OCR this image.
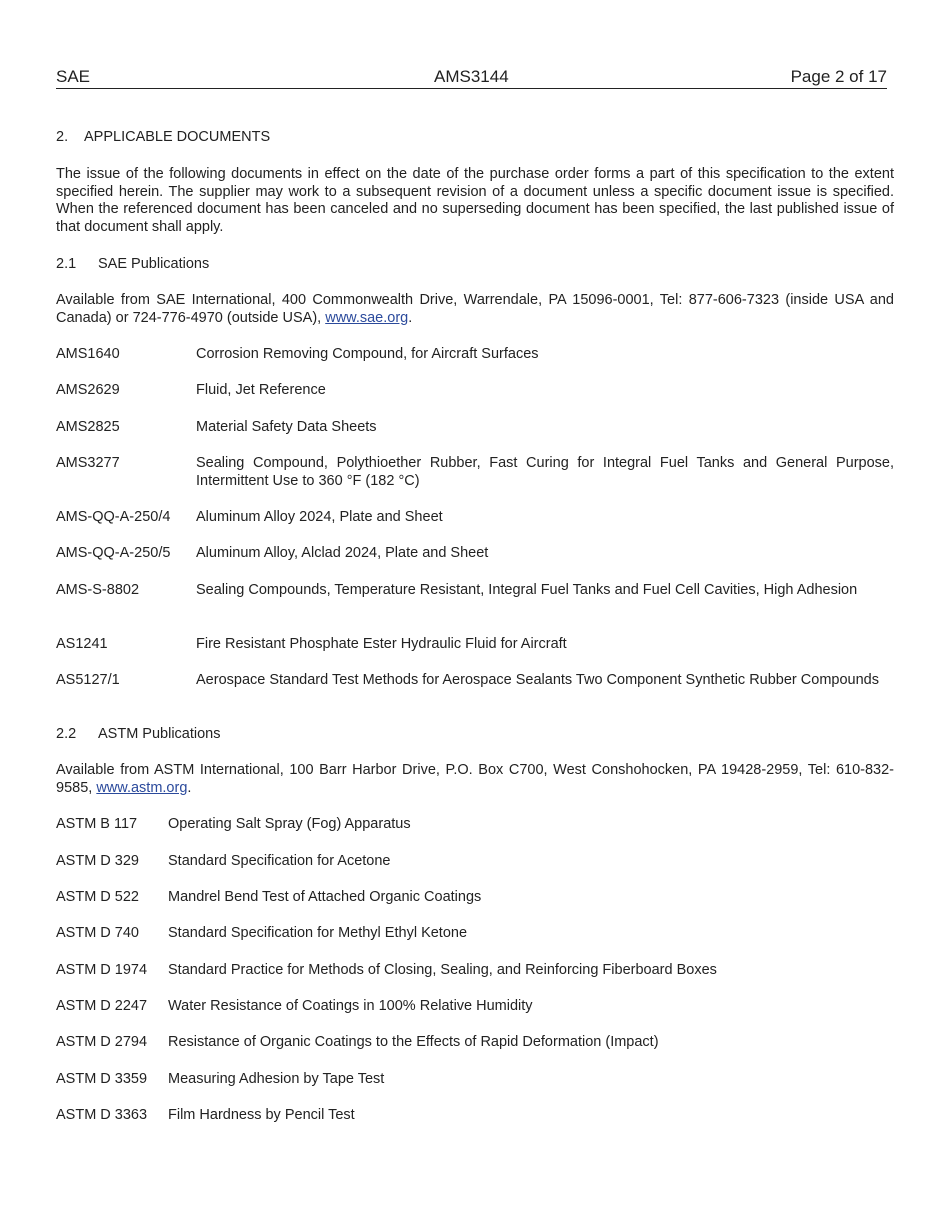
SAE	AMS3144	Page 2 of 17
2. APPLICABLE DOCUMENTS
The issue of the following documents in effect on the date of the purchase order forms a part of this specification to the extent specified herein. The supplier may work to a subsequent revision of a document unless a specific document issue is specified. When the referenced document has been canceled and no superseding document has been specified, the last published issue of that document shall apply.
2.1 SAE Publications
Available from SAE International, 400 Commonwealth Drive, Warrendale, PA 15096-0001, Tel: 877-606-7323 (inside USA and Canada) or 724-776-4970 (outside USA), www.sae.org.
AMS1640	Corrosion Removing Compound, for Aircraft Surfaces
AMS2629	Fluid, Jet Reference
AMS2825	Material Safety Data Sheets
AMS3277	Sealing Compound, Polythioether Rubber, Fast Curing for Integral Fuel Tanks and General Purpose, Intermittent Use to 360 °F (182 °C)
AMS-QQ-A-250/4 Aluminum Alloy 2024, Plate and Sheet
AMS-QQ-A-250/5 Aluminum Alloy, Alclad 2024, Plate and Sheet
AMS-S-8802	Sealing Compounds, Temperature Resistant, Integral Fuel Tanks and Fuel Cell Cavities, High Adhesion
AS1241	Fire Resistant Phosphate Ester Hydraulic Fluid for Aircraft
AS5127/1	Aerospace Standard Test Methods for Aerospace Sealants Two Component Synthetic Rubber Compounds
2.2 ASTM Publications
Available from ASTM International, 100 Barr Harbor Drive, P.O. Box C700, West Conshohocken, PA 19428-2959, Tel: 610-832-9585, www.astm.org.
ASTM B 117 Operating Salt Spray (Fog) Apparatus
ASTM D 329 Standard Specification for Acetone
ASTM D 522 Mandrel Bend Test of Attached Organic Coatings
ASTM D 740 Standard Specification for Methyl Ethyl Ketone
ASTM D 1974 Standard Practice for Methods of Closing, Sealing, and Reinforcing Fiberboard Boxes
ASTM D 2247 Water Resistance of Coatings in 100% Relative Humidity
ASTM D 2794 Resistance of Organic Coatings to the Effects of Rapid Deformation (Impact)
ASTM D 3359 Measuring Adhesion by Tape Test
ASTM D 3363 Film Hardness by Pencil Test
